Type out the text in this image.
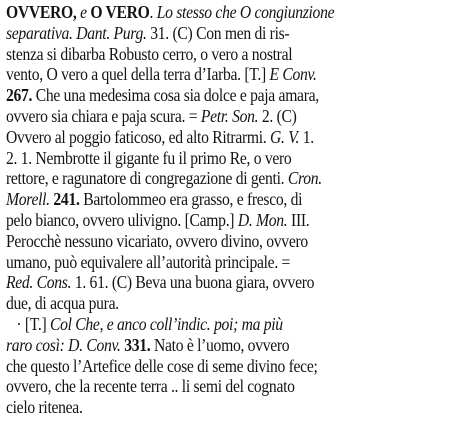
OVVERO, e O VERO. Lo stesso che O congiunzione
separativa. Dant. Purg. 31. (C) Con men di ris-
stenza si dibarba Robusto cerro, o vero a nostral
vento, O vero a quel della terra d’Iarba. [T.] E Conv.
267. Che una medesima cosa sia dolce e paja amara,
ovvero sia chiara e paja scura. = Petr. Son. 2. (C)
Ovvero al poggio faticoso, ed alto Ritrarmi. G. V. 1.
2. 1. Nembrotte il gigante fu il primo Re, o vero
rettore, e ragunatore di congregazione di genti. Cron.
Morell. 241. Bartolommeo era grasso, e fresco, di
pelo bianco, ovvero ulivigno. [Camp.] D. Mon. III.
Perocchè nessuno vicariato, ovvero divino, ovvero
umano, può equivalere all’autorità principale. =
Red. Cons. 1. 61. (C) Beva una buona giara, ovvero
due, di acqua pura.
· [T.] Col Che, e anco coll’indic. poi; ma più
raro così: D. Conv. 331. Nato è l’uomo, ovvero
che questo l’Artefice delle cose di seme divino fece;
ovvero, che la recente terra .. li semi del cognato
cielo ritenea.
